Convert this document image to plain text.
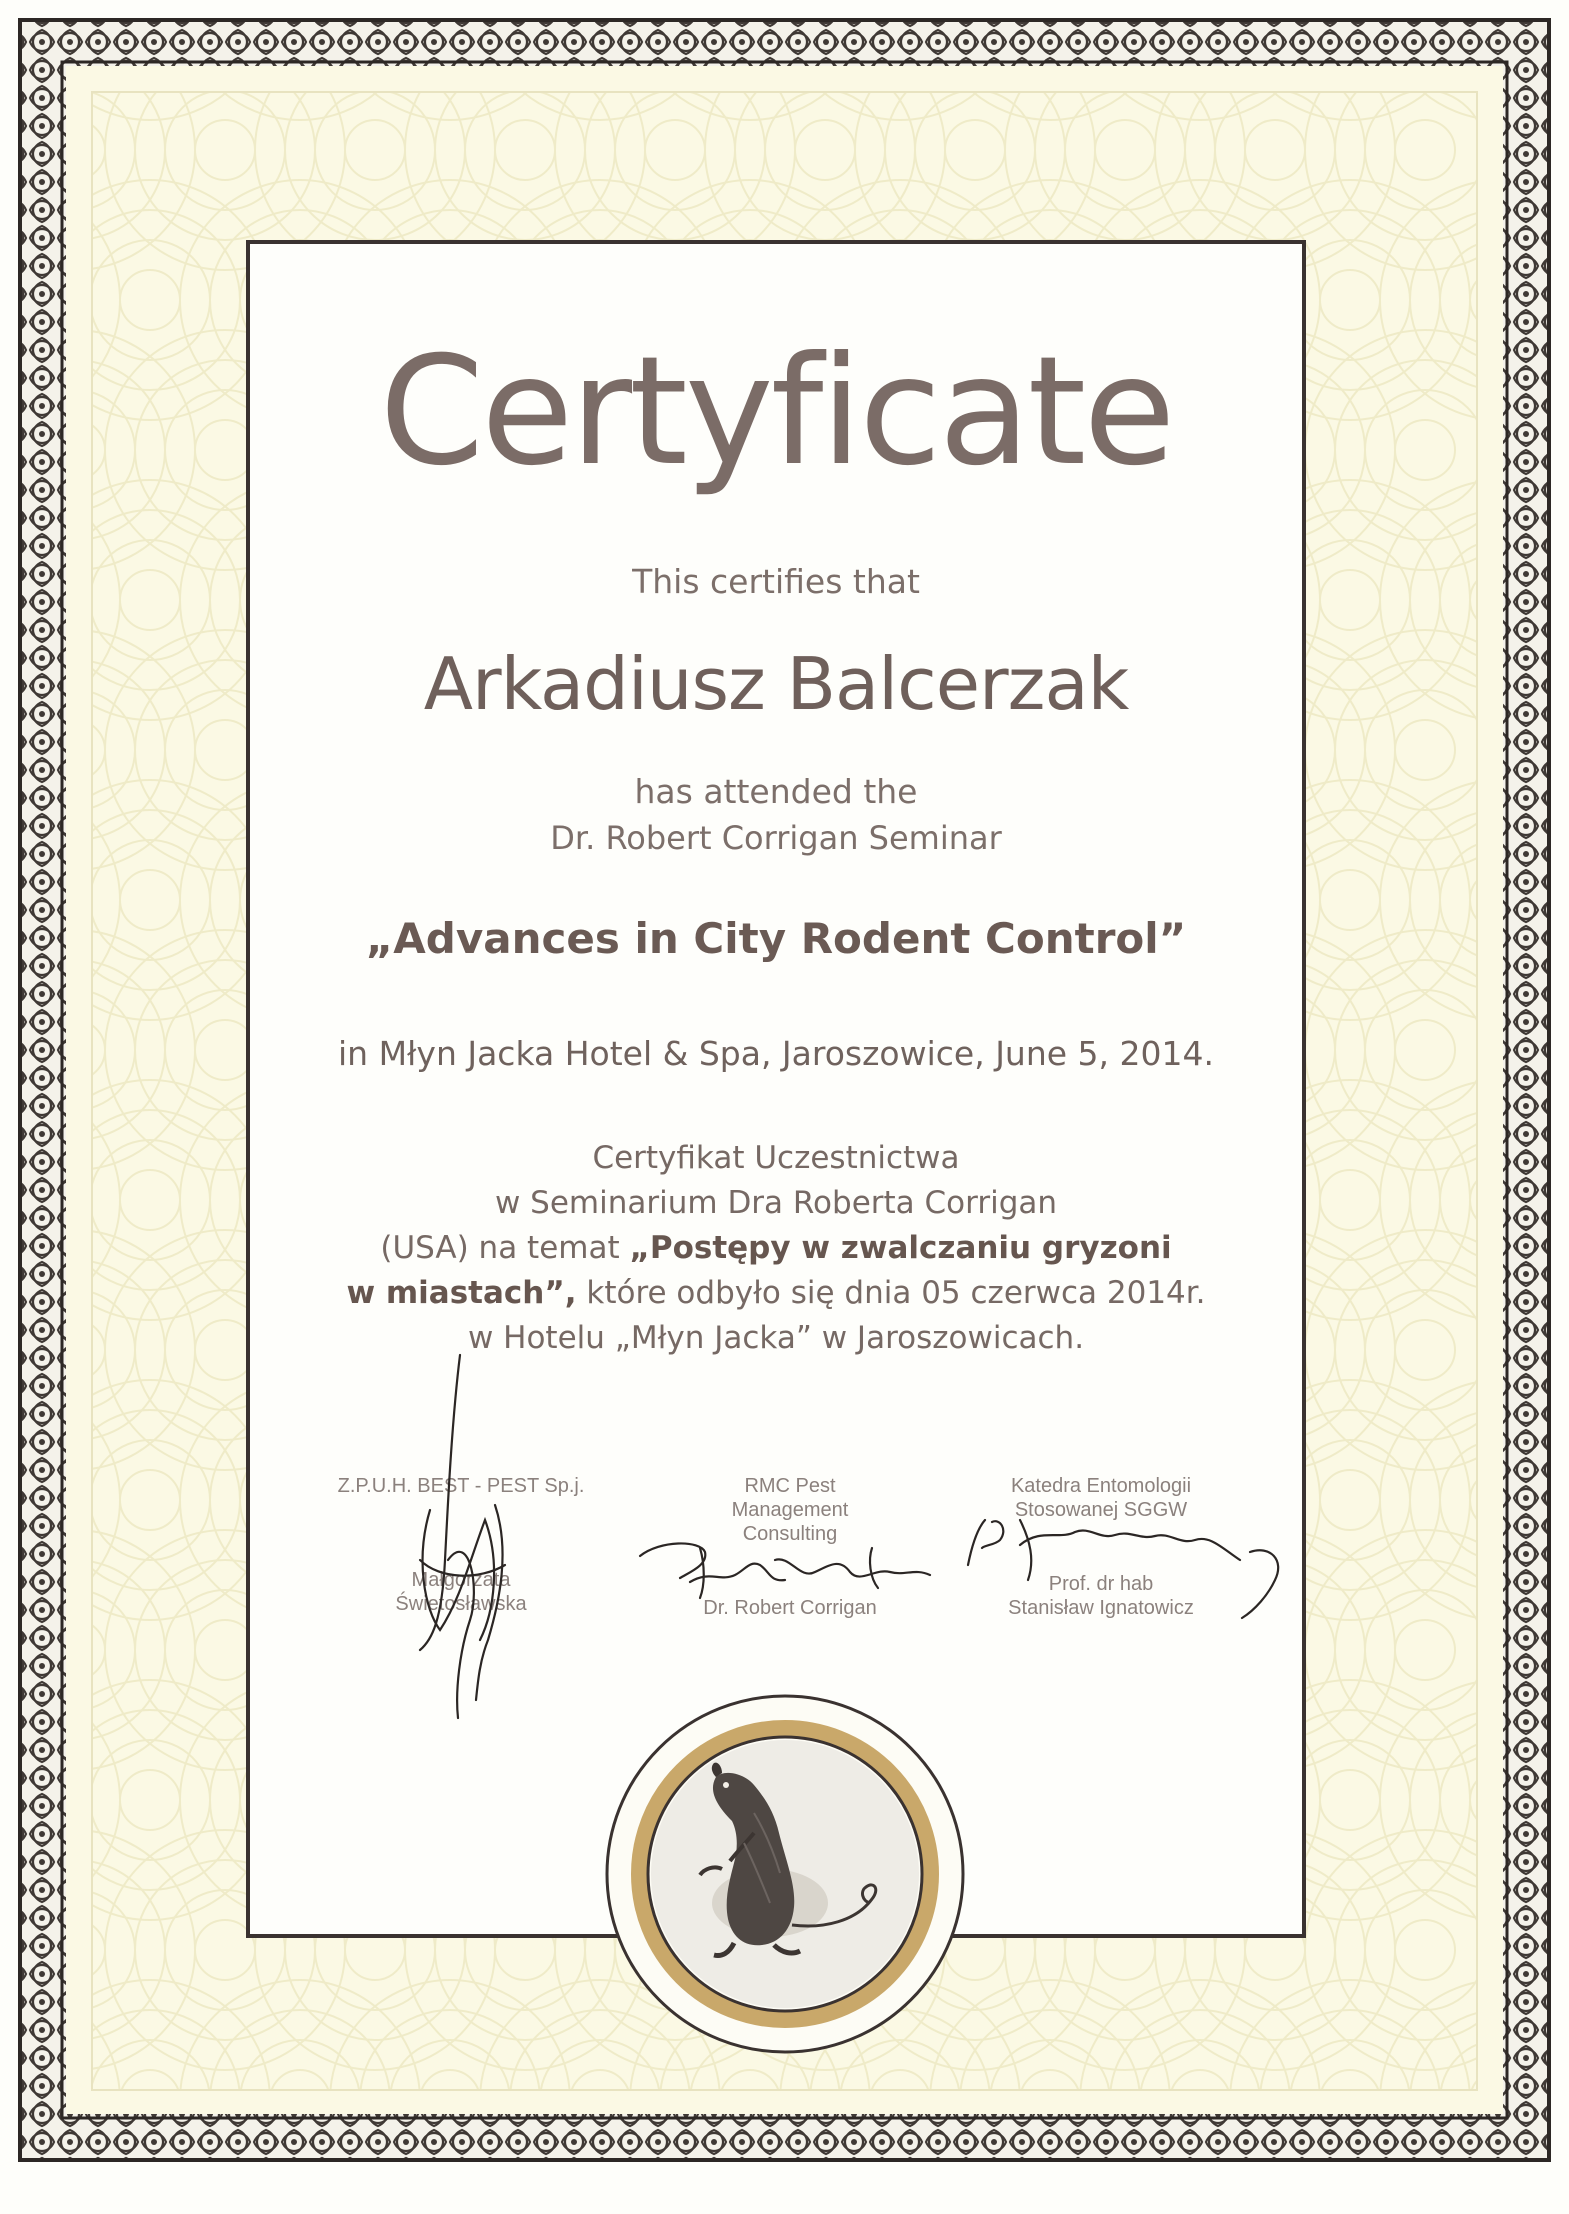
Certyficate
This certifies that
Arkadiusz Balcerzak
has attended the
Dr. Robert Corrigan Seminar
„Advances in City Rodent Control”
in Młyn Jacka Hotel & Spa, Jaroszowice, June 5, 2014.
Certyfikat Uczestnictwa
w Seminarium Dra Roberta Corrigan
(USA) na temat „Postępy w zwalczaniu gryzoni
w miastach”, które odbyło się dnia 05 czerwca 2014r.
w Hotelu „Młyn Jacka” w Jaroszowicach.
Z.P.U.H. BEST - PEST Sp.j.
Małgorzata
Świetosławska
RMC Pest
Management
Consulting
Dr. Robert Corrigan
Katedra Entomologii
Stosowanej SGGW
Prof. dr hab
Stanisław Ignatowicz
